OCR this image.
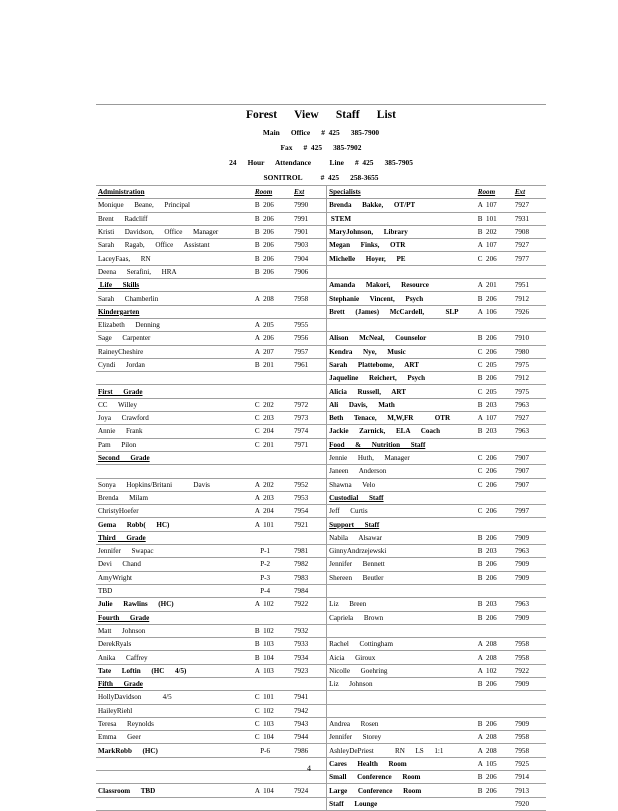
Forest      View      Staff      List
Main      Office      #  425      385-7900
Fax      #  425      385-7902
24      Hour      Attendance          Line      #  425      385-7905
SONITROL          #  425      258-3655
Administration	Room	Ext	Specialists	Room	Ext
Monique      Beane,      Principal	B  206	7990	Brenda      Bakke,      OT/PT	A  107	7927
Brent      Radcliff	B  206	7991	STEM	B  101	7931
Kristi      Davidson,      Office      Manager	B  206	7901	MaryJohnson,      Library	B  202	7908
Sarah      Ragab,      Office      Assistant	B  206	7903	Megan      Finks,      OTR	A  107	7927
LaceyFaas,      RN	B  206	7904	Michelle      Hoyer,      PE	C  206	7977
Deena      Serafini,      HRA	B  206	7906			
Life      Skills			Amanda      Makori,      Resource	A  201	7951
Sarah      Chamberlin	A  208	7958	Stephanie      Vincent,      Psych	B  206	7912
Kindergarten			Brett      (James)      McCardell,            SLP	A  106	7926
Elizabeth      Denning	A  205	7955			
Sage      Carpenter	A  206	7956	Alison      McNeal,      Counselor	B  206	7910
RaineyCheshire	A  207	7957	Kendra      Nye,      Music	C  206	7980
Cyndi      Jordan	B  201	7961	Sarah      Plattebome,      ART	C  205	7975
			Jaqueline      Reichert,      Psych	B  206	7912
First      Grade			Alicia      Russell,      ART	C  205	7975
CC      Willey	C  202	7972	Ali      Davis,      Math	B  203	7963
Joya      Crawford	C  203	7973	Beth      Tenace,      M,W,FR            OTR	A  107	7927
Annie      Frank	C  204	7974	Jackie      Zarnick,      ELA      Coach	B  203	7963
Pam      Pilon	C  201	7971	Food      &      Nutrition      Staff		
Second      Grade			Jennie      Huth,      Manager	C  206	7907
			Janeen      Anderson	C  206	7907
Sonya      Hopkins/Britani            Davis	A  202	7952	Shawna      Velo	C  206	7907
Brenda      Milam	A  203	7953	Custodial      Staff		
ChristyHoefer	A  204	7954	Jeff      Curtis	C  206	7997
Gema      Robb(      HC)	A  101	7921	Support      Staff		
Third      Grade			Nabila      Alsawar	B  206	7909
Jennifer      Swapac	P-1	7981	GinnyAndrzejewski	B  203	7963
Devi      Chand	P-2	7982	Jennifer      Bennett	B  206	7909
AmyWright	P-3	7983	Shereen      Beutler	B  206	7909
TBD	P-4	7984			
Julie      Rawlins      (HC)	A  102	7922	Liz      Breen	B  203	7963
Fourth      Grade			Capriela      Brown	B  206	7909
Matt      Johnson	B  102	7932			
DerekRyals	B  103	7933	Rachel      Cottingham	A  208	7958
Anika      Caffrey	B  104	7934	Aicia      Giroux	A  208	7958
Tate      Loftin      (HC      4/5)	A  103	7923	Nicolle      Goehring	A  102	7922
Fifth      Grade			Liz      Johnson	B  206	7909
HollyDavidson            4/5	C  101	7941			
HaileyRiehl	C  102	7942			
Teresa      Reynolds	C  103	7943	Andrea      Rosen	B  206	7909
Emma      Geer	C  104	7944	Jennifer      Storey	A  208	7958
MarkRobb      (HC)	P-6	7986	AshleyDePriest            RN      LS      1:1	A  208	7958
			Cares      Health      Room	A  105	7925
			Small      Conference      Room	B  206	7914
Classroom      TBD	A  104	7924	Large      Conference      Room	B  206	7913
			Staff      Lounge		7920
4
